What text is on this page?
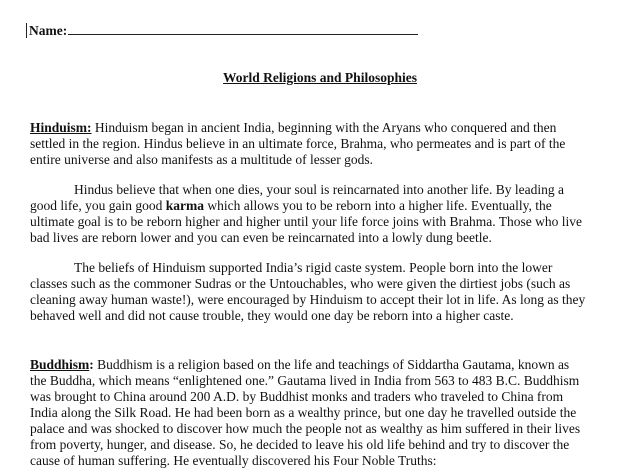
Name:
World Religions and Philosophies

Hinduism: Hinduism began in ancient India, beginning with the Aryans who conquered and then
settled in the region. Hindus believe in an ultimate force, Brahma, who permeates and is part of the
entire universe and also manifests as a multitude of lesser gods.

Hindus believe that when one dies, your soul is reincarnated into another life. By leading a
good life, you gain good karma which allows you to be reborn into a higher life. Eventually, the
ultimate goal is to be reborn higher and higher until your life force joins with Brahma. Those who live
bad lives are reborn lower and you can even be reincarnated into a lowly dung beetle.

The beliefs of Hinduism supported India’s rigid caste system. People born into the lower
classes such as the commoner Sudras or the Untouchables, who were given the dirtiest jobs (such as
cleaning away human waste!), were encouraged by Hinduism to accept their lot in life. As long as they
behaved well and did not cause trouble, they would one day be reborn into a higher caste.

Buddhism: Buddhism is a religion based on the life and teachings of Siddartha Gautama, known as
the Buddha, which means “enlightened one.” Gautama lived in India from 563 to 483 B.C. Buddhism
was brought to China around 200 A.D. by Buddhist monks and traders who traveled to China from
India along the Silk Road. He had been born as a wealthy prince, but one day he travelled outside the
palace and was shocked to discover how much the people not as wealthy as him suffered in their lives
from poverty, hunger, and disease. So, he decided to leave his old life behind and try to discover the
cause of human suffering. He eventually discovered his Four Noble Truths:
